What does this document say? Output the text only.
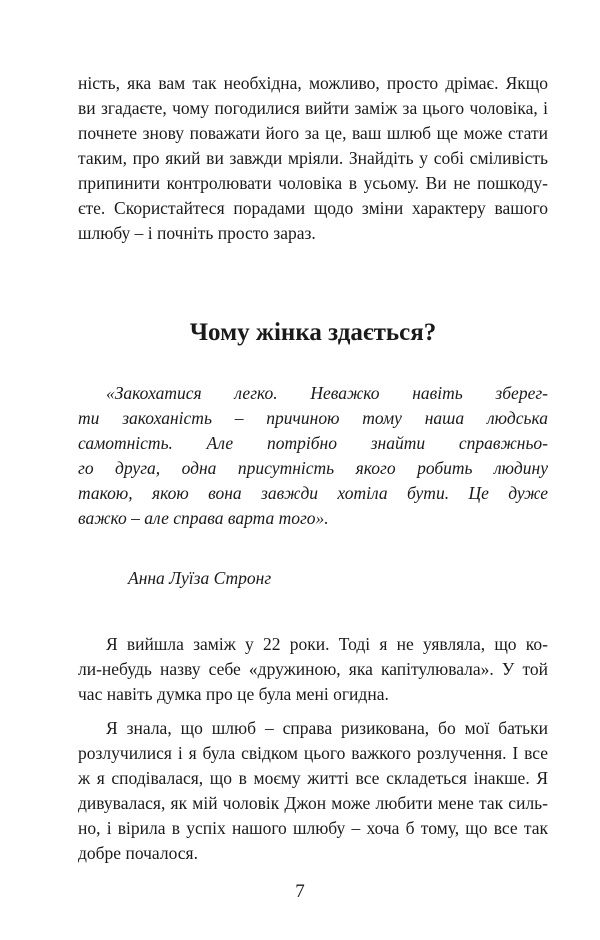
ність, яка вам так необхідна, можливо, просто дрімає. Якщо
ви згадаєте, чому погодилися вийти заміж за цього чоловіка, і
почнете знову поважати його за це, ваш шлюб ще може стати
таким, про який ви завжди мріяли. Знайдіть у собі сміливість
припинити контролювати чоловіка в усьому. Ви не пошкоду-
єте. Скористайтеся порадами щодо зміни характеру вашого
шлюбу – і почніть просто зараз.
Чому жінка здається?
«Закохатися легко. Неважко навіть зберег-
ти закоханість – причиною тому наша людська
самотність. Але потрібно знайти справжньо-
го друга, одна присутність якого робить людину
такою, якою вона завжди хотіла бути. Це дуже
важко – але справа варта того».
Анна Луїза Стронг
Я вийшла заміж у 22 роки. Тоді я не уявляла, що ко-
ли-небудь назву себе «дружиною, яка капітулювала». У той
час навіть думка про це була мені огидна.
Я знала, що шлюб – справа ризикована, бо мої батьки
розлучилися і я була свідком цього важкого розлучення. І все
ж я сподівалася, що в моєму житті все складеться інакше. Я
дивувалася, як мій чоловік Джон може любити мене так силь-
но, і вірила в успіх нашого шлюбу – хоча б тому, що все так
добре почалося.
7
